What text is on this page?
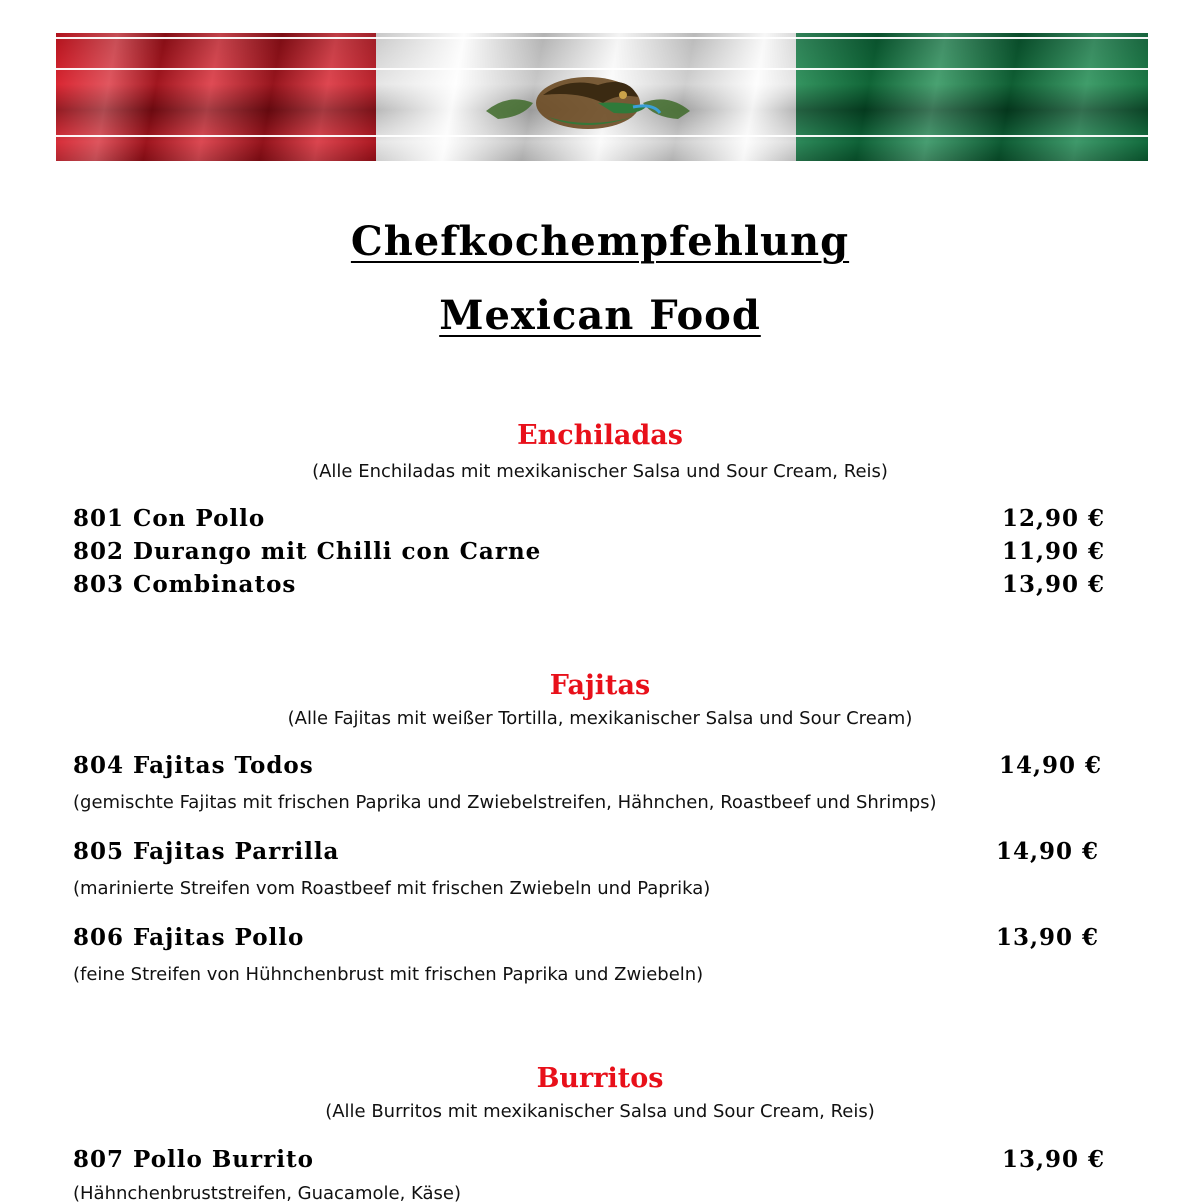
Chefkochempfehlung
Mexican Food
Enchiladas
(Alle Enchiladas mit mexikanischer Salsa und Sour Cream, Reis)
801 Con Pollo	12,90 €
802 Durango mit Chilli con Carne	11,90 €
803 Combinatos	13,90 €
Fajitas
(Alle Fajitas mit weißer Tortilla, mexikanischer Salsa und Sour Cream)
804 Fajitas Todos	14,90 €
(gemischte Fajitas mit frischen Paprika und Zwiebelstreifen, Hähnchen, Roastbeef und Shrimps)
805 Fajitas Parrilla	14,90 €
(marinierte Streifen vom Roastbeef mit frischen Zwiebeln und Paprika)
806 Fajitas Pollo	13,90 €
(feine Streifen von Hühnchenbrust mit frischen Paprika und Zwiebeln)
Burritos
(Alle Burritos mit mexikanischer Salsa und Sour Cream, Reis)
807 Pollo Burrito	13,90 €
(Hähnchenbruststreifen, Guacamole, Käse)
